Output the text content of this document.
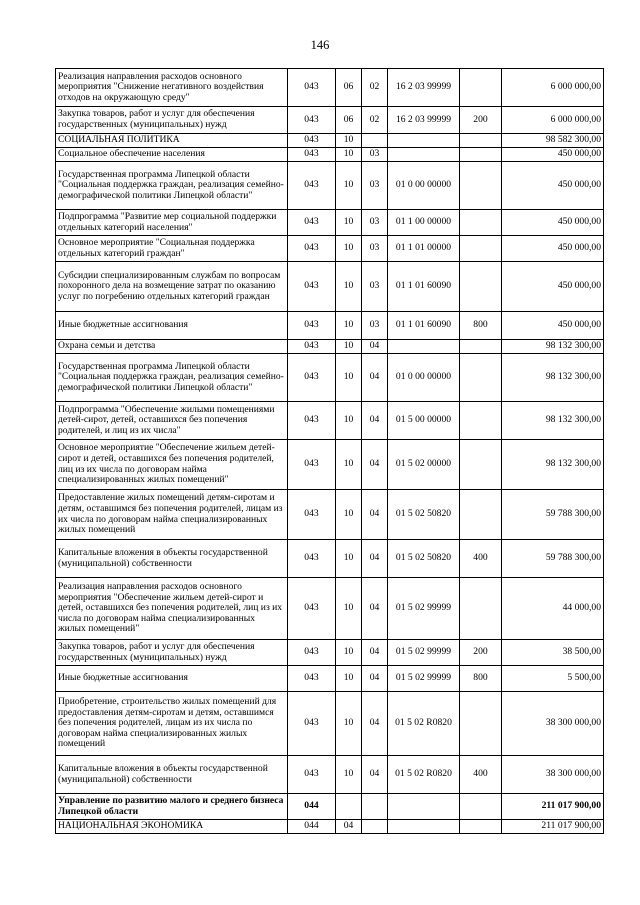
146
Реализация направления расходов основного мероприятия "Снижение негативного воздействия отходов на окружающую среду"	043	06	02	16 2 03 99999		6 000 000,00
Закупка товаров, работ и услуг для обеспечения государственных (муниципальных) нужд	043	06	02	16 2 03 99999	200	6 000 000,00
СОЦИАЛЬНАЯ ПОЛИТИКА	043	10				98 582 300,00
Социальное обеспечение населения	043	10	03			450 000,00
Государственная программа Липецкой области "Социальная поддержка граждан, реализация семейно-демографической политики Липецкой области"	043	10	03	01 0 00 00000		450 000,00
Подпрограмма "Развитие мер социальной поддержки отдельных категорий населения"	043	10	03	01 1 00 00000		450 000,00
Основное мероприятие "Социальная поддержка отдельных категорий граждан"	043	10	03	01 1 01 00000		450 000,00
Субсидии специализированным службам по вопросам похоронного дела на возмещение затрат по оказанию услуг по погребению отдельных категорий граждан	043	10	03	01 1 01 60090		450 000,00
Иные бюджетные ассигнования	043	10	03	01 1 01 60090	800	450 000,00
Охрана семьи и детства	043	10	04			98 132 300,00
Государственная программа Липецкой области "Социальная поддержка граждан, реализация семейно-демографической политики Липецкой области"	043	10	04	01 0 00 00000		98 132 300,00
Подпрограмма "Обеспечение жилыми помещениями детей-сирот, детей, оставшихся без попечения родителей, и лиц из их числа"	043	10	04	01 5 00 00000		98 132 300,00
Основное мероприятие "Обеспечение жильем детей-сирот и детей, оставшихся без попечения родителей, лиц из их числа по договорам найма специализированных жилых помещений"	043	10	04	01 5 02 00000		98 132 300,00
Предоставление жилых помещений детям-сиротам и детям, оставшимся без попечения родителей, лицам из их числа по договорам найма специализированных жилых помещений	043	10	04	01 5 02 50820		59 788 300,00
Капитальные вложения в объекты государственной (муниципальной) собственности	043	10	04	01 5 02 50820	400	59 788 300,00
Реализация направления расходов основного мероприятия "Обеспечение жильем детей-сирот и детей, оставшихся без попечения родителей, лиц из их числа по договорам найма специализированных жилых помещений"	043	10	04	01 5 02 99999		44 000,00
Закупка товаров, работ и услуг для обеспечения государственных (муниципальных) нужд	043	10	04	01 5 02 99999	200	38 500,00
Иные бюджетные ассигнования	043	10	04	01 5 02 99999	800	5 500,00
Приобретение, строительство жилых помещений для предоставления детям-сиротам и детям, оставшимся без попечения родителей, лицам из их числа по договорам найма специализированных жилых помещений	043	10	04	01 5 02 R0820		38 300 000,00
Капитальные вложения в объекты государственной (муниципальной) собственности	043	10	04	01 5 02 R0820	400	38 300 000,00
Управление по развитию малого и среднего бизнеса Липецкой области	044					211 017 900,00
НАЦИОНАЛЬНАЯ ЭКОНОМИКА	044	04				211 017 900,00
